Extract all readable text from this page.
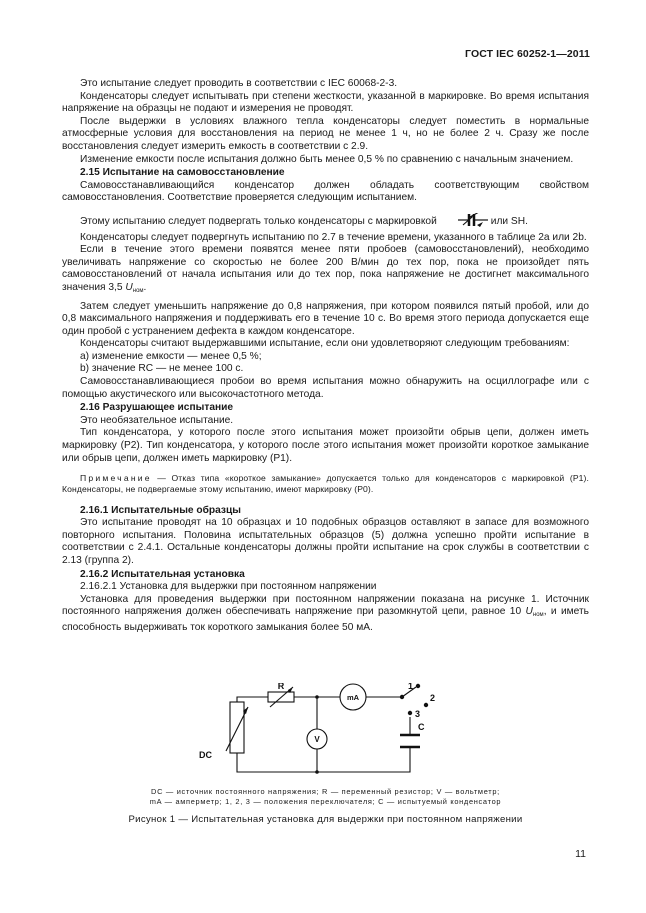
ГОСТ IEC 60252-1—2011

Это испытание следует проводить в соответствии с IEC 60068-2-3.

Конденсаторы следует испытывать при степени жесткости, указанной в маркировке. Во время испытания напряжение на образцы не подают и измерения не проводят.

После выдержки в условиях влажного тепла конденсаторы следует поместить в нормальные атмосферные условия для восстановления на период не менее 1 ч, но не более 2 ч. Сразу же после восстановления следует измерить емкость в соответствии с 2.9.

Изменение емкости после испытания должно быть менее 0,5 % по сравнению с начальным значением.

2.15 Испытание на самовосстановление

Самовосстанавливающийся конденсатор должен обладать соответствующим свойством самовосстановления. Соответствие проверяется следующим испытанием.

Этому испытанию следует подвергать только конденсаторы с маркировкой	или SH.

Конденсаторы следует подвергнуть испытанию по 2.7 в течение времени, указанного в таблице 2а или 2b.

Если в течение этого времени появятся менее пяти пробоев (самовосстановлений), необходимо увеличивать напряжение со скоростью не более 200 В/мин до тех пор, пока не произойдет пять самовосстановлений от начала испытания или до тех пор, пока напряжение не достигнет максимального значения 3,5 $U_{ном}$.

Затем следует уменьшить напряжение до 0,8 напряжения, при котором появился пятый пробой, или до 0,8 максимального напряжения и поддерживать его в течение 10 с. Во время этого периода допускается еще один пробой с устранением дефекта в каждом конденсаторе.

Конденсаторы считают выдержавшими испытание, если они удовлетворяют следующим требованиям:

а) изменение емкости — менее 0,5 %;

b) значение RC — не менее 100 с.

Самовосстанавливающиеся пробои во время испытания можно обнаружить на осциллографе или с помощью акустического или высокочастотного метода.

2.16 Разрушающее испытание

Это необязательное испытание.

Тип конденсатора, у которого после этого испытания может произойти обрыв цепи, должен иметь маркировку (P2). Тип конденсатора, у которого после этого испытания может произойти короткое замыкание или обрыв цепи, должен иметь маркировку (P1).

Примечание — Отказ типа «короткое замыкание» допускается только для конденсаторов с маркировкой (P1). Конденсаторы, не подвергаемые этому испытанию, имеют маркировку (P0).

2.16.1 Испытательные образцы

Это испытание проводят на 10 образцах и 10 подобных образцов оставляют в запасе для возможного повторного испытания. Половина испытательных образцов (5) должна успешно пройти испытание в соответствии с 2.4.1. Остальные конденсаторы должны пройти испытание на срок службы в соответствии с 2.13 (группа 2).

2.16.2 Испытательная установка

2.16.2.1 Установка для выдержки при постоянном напряжении

Установка для проведения выдержки при постоянном напряжении показана на рисунке 1. Источник постоянного напряжения должен обеспечивать напряжение при разомкнутой цепи, равное 10 $U_{ном}$, и иметь способность выдерживать ток короткого замыкания более 50 мА.

DC
R
V
mA
C
1
2
3
DC — источник постоянного напряжения; R — переменный резистор; V — вольтметр;
mA — амперметр; 1, 2, 3 — положения переключателя; C — испытуемый конденсатор
Рисунок 1 — Испытательная установка для выдержки при постоянном напряжении
11
